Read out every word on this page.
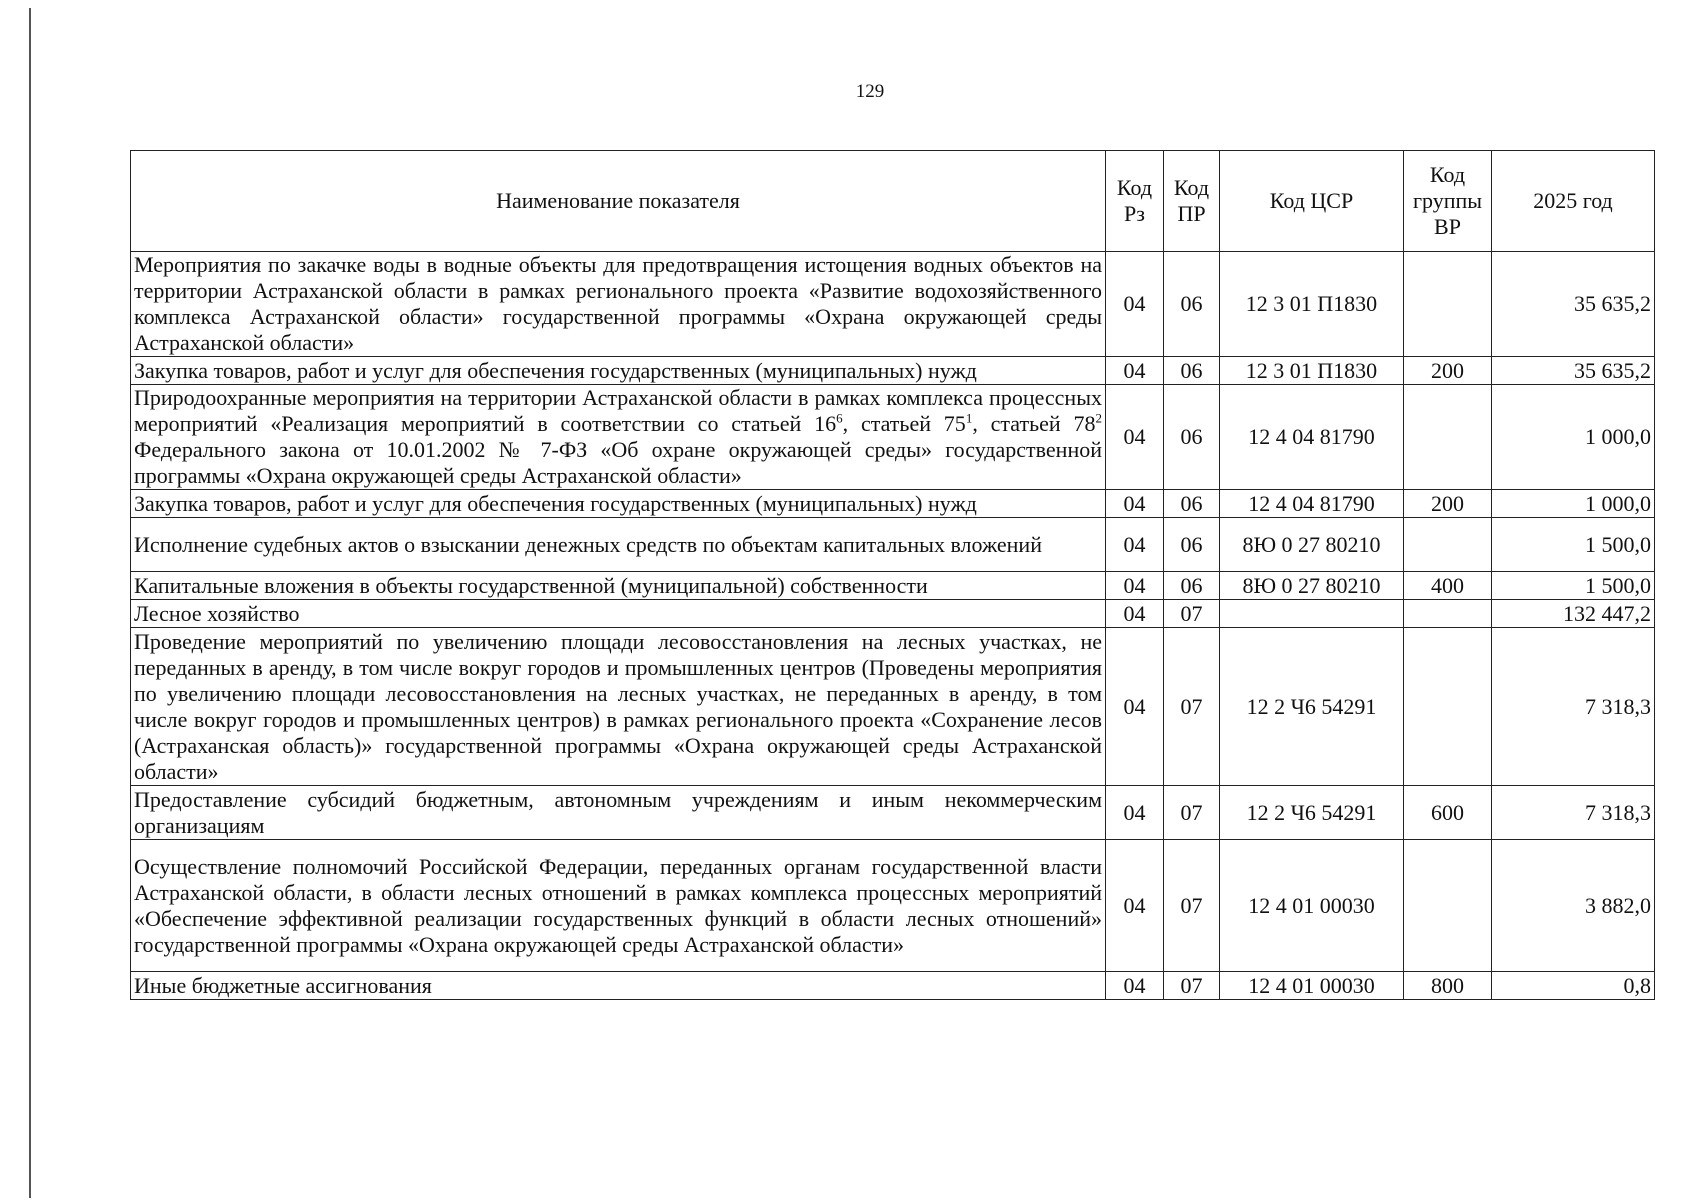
129
Наименование показателя	Код Рз	Код ПР	Код ЦСР	Код группы ВР	2025 год
Мероприятия по закачке воды в водные объекты для предотвращения истощения водных объектов на территории Астраханской области в рамках регионального проекта «Развитие водохозяйственного комплекса Астраханской области» государственной программы «Охрана окружающей среды Астраханской области»	04	06	12 3 01 П1830		35 635,2
Закупка товаров, работ и услуг для обеспечения государственных (муниципальных) нужд	04	06	12 3 01 П1830	200	35 635,2
Природоохранные мероприятия на территории Астраханской области в рамках комплекса процессных мероприятий «Реализация мероприятий в соответствии со статьей $16^6$, статьей $75^1$, статьей $78^2$ Федерального закона от 10.01.2002 № 7-ФЗ «Об охране окружающей среды» государственной программы «Охрана окружающей среды Астраханской области»	04	06	12 4 04 81790		1 000,0
Закупка товаров, работ и услуг для обеспечения государственных (муниципальных) нужд	04	06	12 4 04 81790	200	1 000,0
Исполнение судебных актов о взыскании денежных средств по объектам капитальных вложений	04	06	8Ю 0 27 80210		1 500,0
Капитальные вложения в объекты государственной (муниципальной) собственности	04	06	8Ю 0 27 80210	400	1 500,0
Лесное хозяйство	04	07			132 447,2
Проведение мероприятий по увеличению площади лесовосстановления на лесных участках, не переданных в аренду, в том числе вокруг городов и промышленных центров (Проведены мероприятия по увеличению площади лесовосстановления на лесных участках, не переданных в аренду, в том числе вокруг городов и промышленных центров) в рамках регионального проекта «Сохранение лесов (Астраханская область)» государственной программы «Охрана окружающей среды Астраханской области»	04	07	12 2 Ч6 54291		7 318,3
Предоставление субсидий бюджетным, автономным учреждениям и иным некоммерческим организациям	04	07	12 2 Ч6 54291	600	7 318,3
Осуществление полномочий Российской Федерации, переданных органам государственной власти Астраханской области, в области лесных отношений в рамках комплекса процессных мероприятий «Обеспечение эффективной реализации государственных функций в области лесных отношений» государственной программы «Охрана окружающей среды Астраханской области»	04	07	12 4 01 00030		3 882,0
Иные бюджетные ассигнования	04	07	12 4 01 00030	800	0,8
